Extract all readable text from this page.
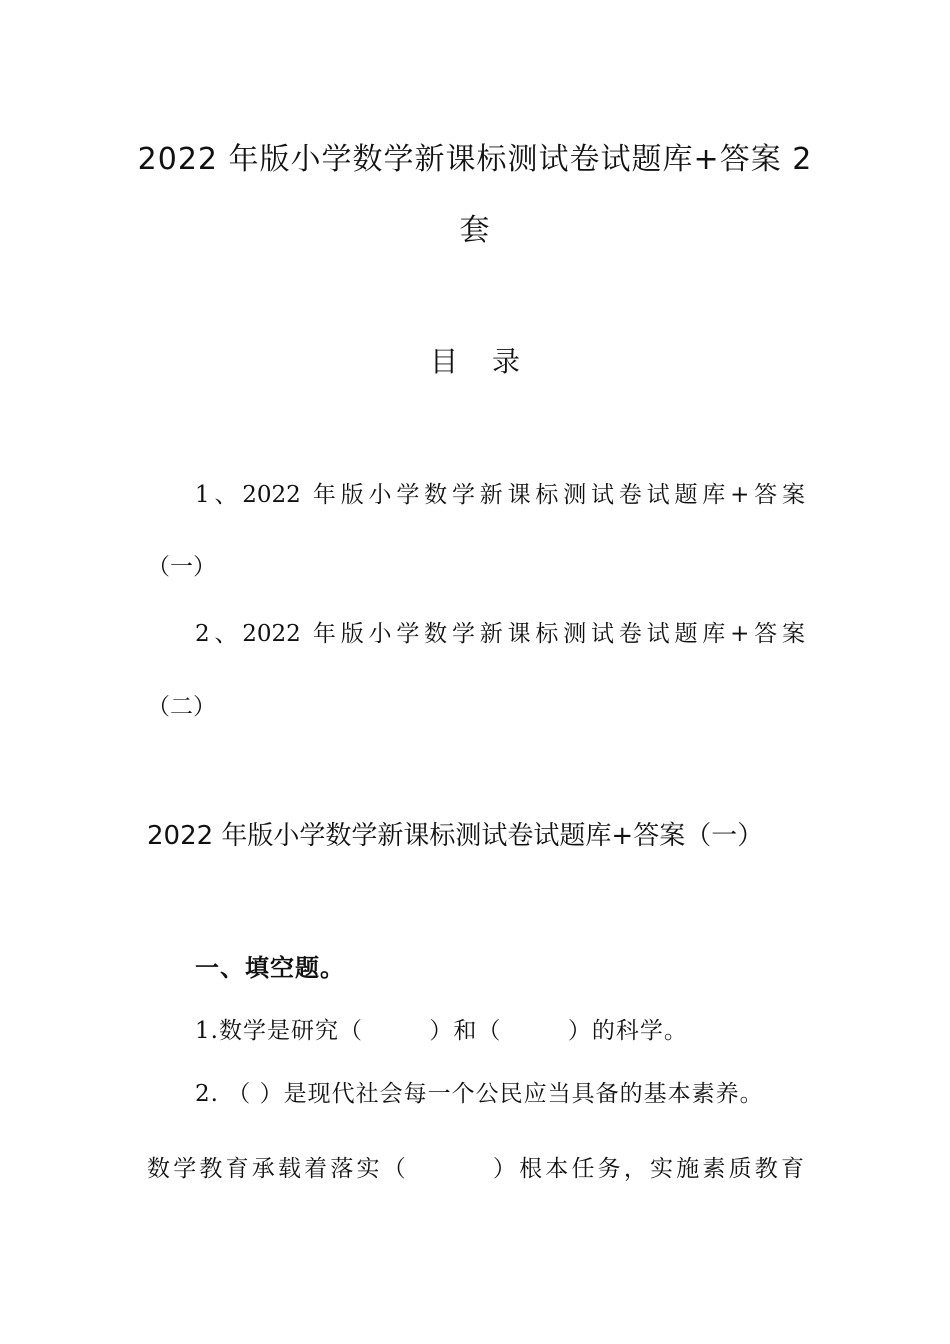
2022 年版小学数学新课标测试卷试题库+答案 2

套

目录

1、2022 年版小学数学新课标测试卷试题库+答案

（一）

2、2022 年版小学数学新课标测试卷试题库+答案

（二）

2022 年版小学数学新课标测试卷试题库+答案（一）

一、填空题。

1.数学是研究（        ）和（        ）的科学。

2. （ ）是现代社会每一个公民应当具备的基本素养。

数学教育承载着落实（        ）根本任务，实施素质教育
